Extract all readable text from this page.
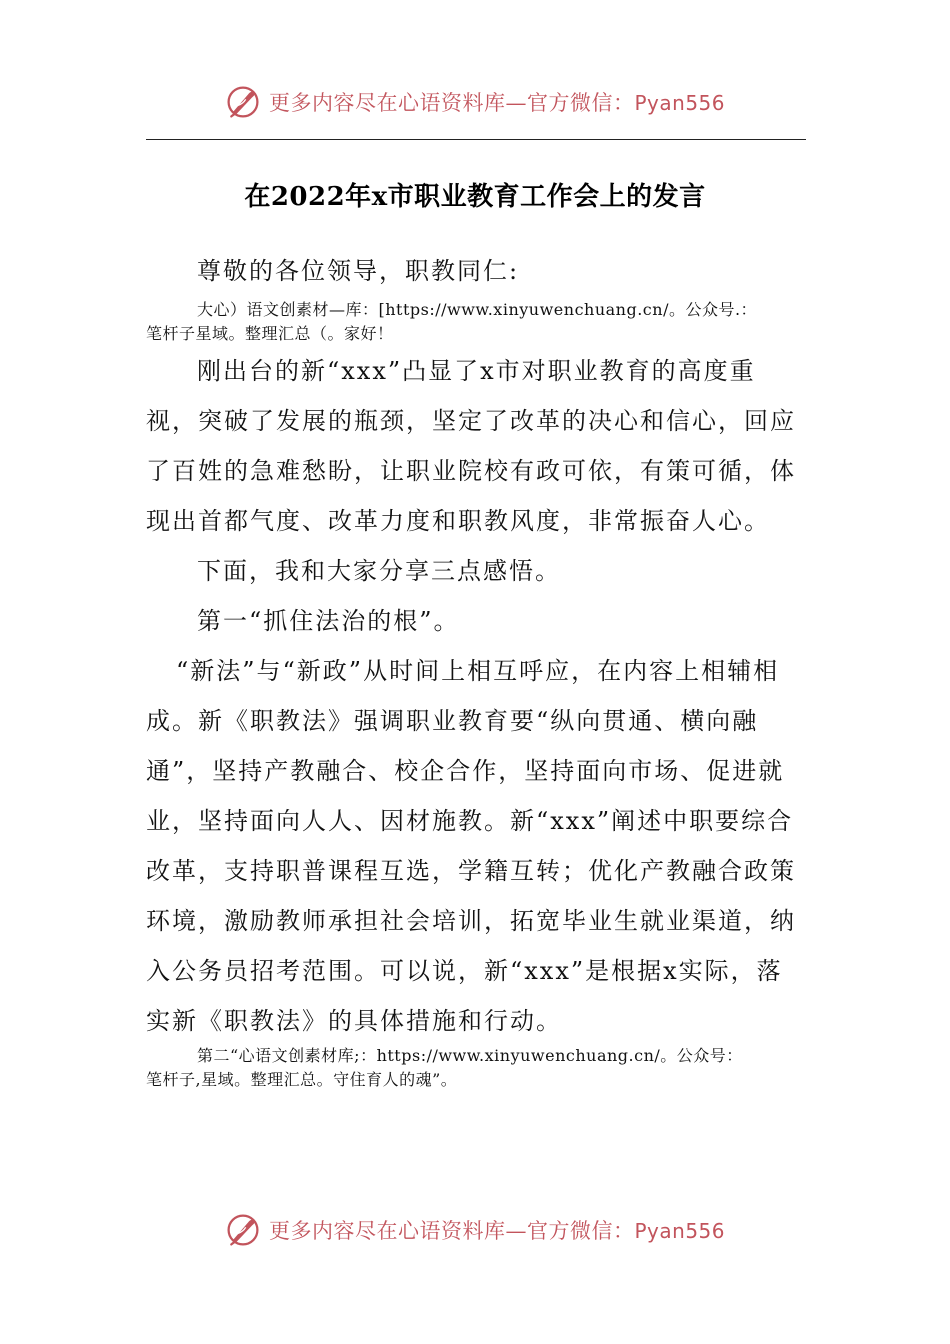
更多内容尽在心语资料库—官方微信：Pyan556
在2022年x市职业教育工作会上的发言

尊敬的各位领导，职教同仁:

大心）语文创素材—库：[https://www.xinyuwenchuang.cn/。公众号.：

笔杆子星域。整理汇总（。家好！

刚出台的新“xxx”凸显了x市对职业教育的高度重视，突破了发展的瓶颈，坚定了改革的决心和信心，回应了百姓的急难愁盼，让职业院校有政可依，有策可循，体现出首都气度、改革力度和职教风度，非常振奋人心。

下面，我和大家分享三点感悟。

第一“抓住法治的根”。

“新法”与“新政”从时间上相互呼应，在内容上相辅相成。新《职教法》强调职业教育要“纵向贯通、横向融通”，坚持产教融合、校企合作，坚持面向市场、促进就业，坚持面向人人、因材施教。新“xxx”阐述中职要综合改革，支持职普课程互选，学籍互转；优化产教融合政策环境，激励教师承担社会培训，拓宽毕业生就业渠道，纳入公务员招考范围。可以说，新“xxx”是根据x实际，落实新《职教法》的具体措施和行动。

第二“心语文创素材库;：https://www.xinyuwenchuang.cn/。公众号：

笔杆子,星域。整理汇总。守住育人的魂”。

更多内容尽在心语资料库—官方微信：Pyan556
